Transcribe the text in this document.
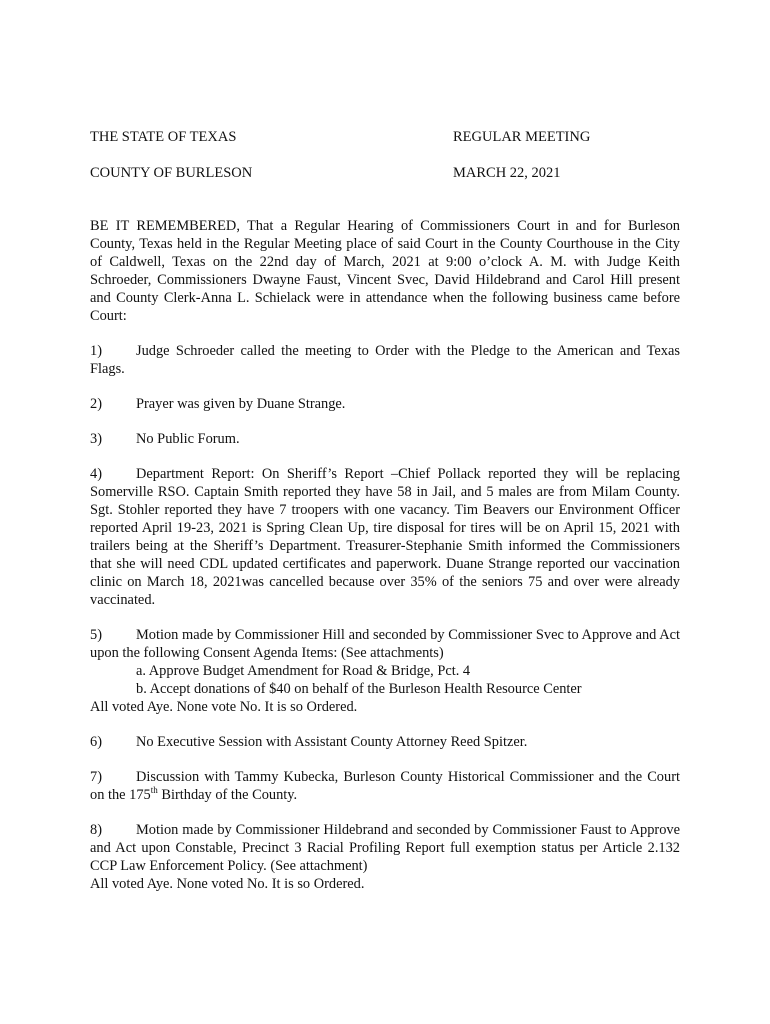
THE STATE OF TEXAS	REGULAR MEETING
COUNTY OF BURLESON	MARCH 22, 2021

BE IT REMEMBERED, That a Regular Hearing of Commissioners Court in and for Burleson County, Texas held in the Regular Meeting place of said Court in the County Courthouse in the City of Caldwell, Texas on the 22nd day of March, 2021 at 9:00 o’clock A. M. with Judge Keith Schroeder, Commissioners Dwayne Faust, Vincent Svec, David Hildebrand and Carol Hill present and County Clerk-Anna L. Schielack were in attendance when the following business came before Court:

1) Judge Schroeder called the meeting to Order with the Pledge to the American and Texas Flags.

2) Prayer was given by Duane Strange.

3) No Public Forum.

4) Department Report: On Sheriff’s Report –Chief Pollack reported they will be replacing Somerville RSO. Captain Smith reported they have 58 in Jail, and 5 males are from Milam County. Sgt. Stohler reported they have 7 troopers with one vacancy. Tim Beavers our Environment Officer reported April 19-23, 2021 is Spring Clean Up, tire disposal for tires will be on April 15, 2021 with trailers being at the Sheriff’s Department. Treasurer-Stephanie Smith informed the Commissioners that she will need CDL updated certificates and paperwork. Duane Strange reported our vaccination clinic on March 18, 2021was cancelled because over 35% of the seniors 75 and over were already vaccinated.

5) Motion made by Commissioner Hill and seconded by Commissioner Svec to Approve and Act upon the following Consent Agenda Items: (See attachments)

a. Approve Budget Amendment for Road & Bridge, Pct. 4
b. Accept donations of $40 on behalf of the Burleson Health Resource Center

All voted Aye. None vote No. It is so Ordered.

6) No Executive Session with Assistant County Attorney Reed Spitzer.

7) Discussion with Tammy Kubecka, Burleson County Historical Commissioner and the Court on the 175th Birthday of the County.

8) Motion made by Commissioner Hildebrand and seconded by Commissioner Faust to Approve and Act upon Constable, Precinct 3 Racial Profiling Report full exemption status per Article 2.132 CCP Law Enforcement Policy. (See attachment)

All voted Aye. None voted No. It is so Ordered.
